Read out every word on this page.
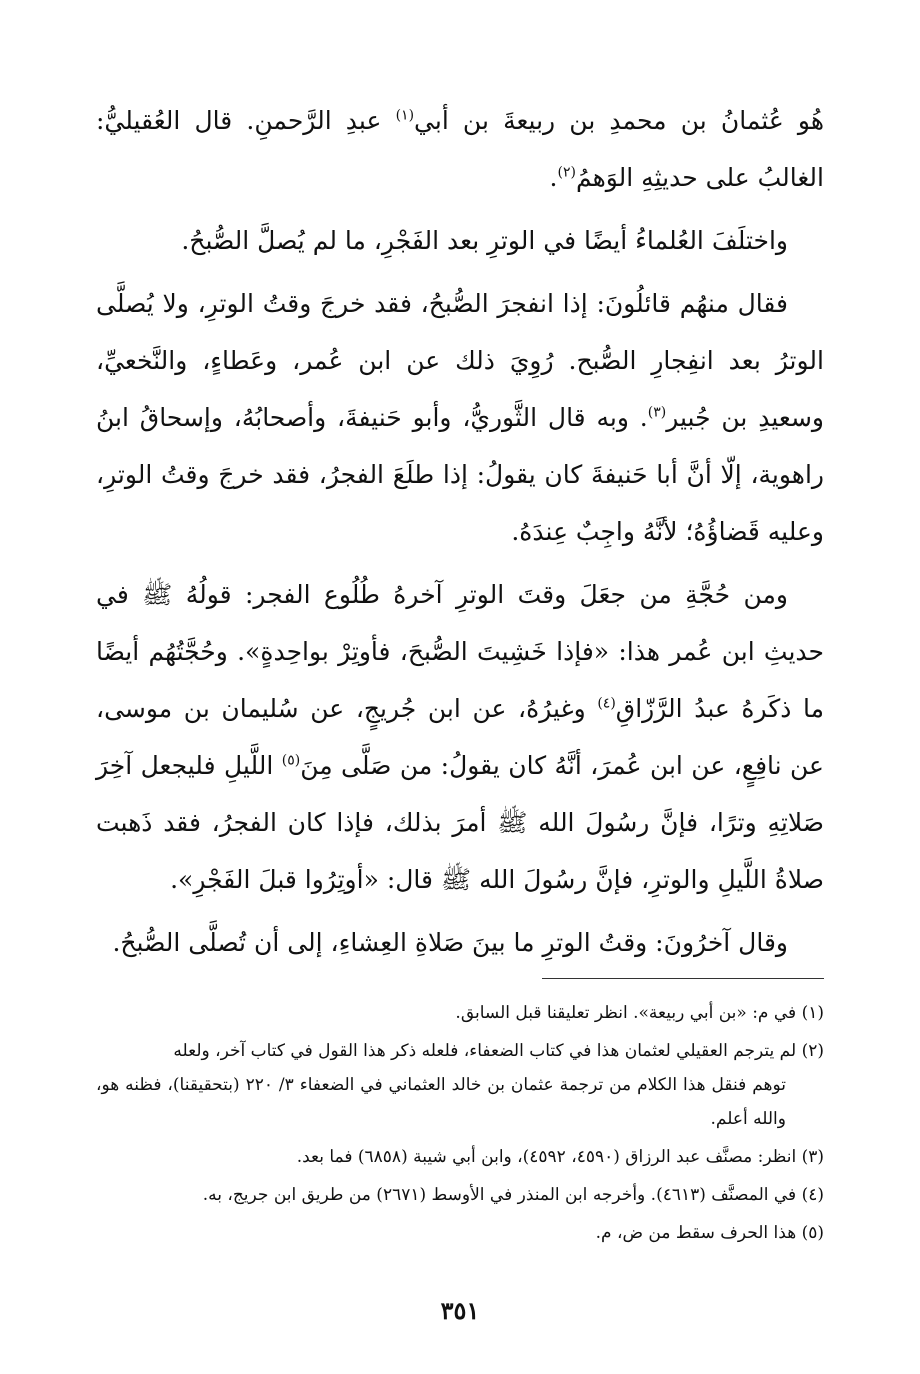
هُو عُثمانُ بن محمدِ بن ربيعةَ بن أبي$^{(١)}$ عبدِ الرَّحمنِ. قال العُقيليُّ: الغالبُ على حديثِهِ الوَهمُ$^{(٢)}$.

واختلَفَ العُلماءُ أيضًا في الوترِ بعد الفَجْرِ، ما لم يُصلَّ الصُّبحُ.

فقال منهُم قائلُونَ: إذا انفجرَ الصُّبحُ، فقد خرجَ وقتُ الوترِ، ولا يُصلَّى الوترُ بعد انفِجارِ الصُّبح. رُوِيَ ذلك عن ابن عُمر، وعَطاءٍ، والنَّخعيِّ، وسعيدِ بن جُبير$^{(٣)}$. وبه قال الثَّوريُّ، وأبو حَنيفةَ، وأصحابُهُ، وإسحاقُ ابنُ راهوية، إلّا أنَّ أبا حَنيفةَ كان يقولُ: إذا طلَعَ الفجرُ، فقد خرجَ وقتُ الوترِ، وعليه قَضاؤُهُ؛ لأنَّهُ واجِبٌ عِندَهُ.

ومن حُجَّةِ من جعَلَ وقتَ الوترِ آخرهُ طُلُوع الفجر: قولُهُ ﷺ في حديثِ ابن عُمر هذا: «فإذا خَشِيتَ الصُّبحَ، فأوتِرْ بواحِدةٍ». وحُجَّتُهُم أيضًا ما ذكَرهُ عبدُ الرَّزّاقِ$^{(٤)}$ وغيرُهُ، عن ابن جُريجٍ، عن سُليمان بن موسى، عن نافِعٍ، عن ابن عُمرَ، أنَّهُ كان يقولُ: من صَلَّى مِنَ$^{(٥)}$ اللَّيلِ فليجعل آخِرَ صَلاتِهِ وترًا، فإنَّ رسُولَ الله ﷺ أمرَ بذلك، فإذا كان الفجرُ، فقد ذَهبت صلاةُ اللَّيلِ والوترِ، فإنَّ رسُولَ الله ﷺ قال: «أوتِرُوا قبلَ الفَجْرِ».

وقال آخرُونَ: وقتُ الوترِ ما بينَ صَلاةِ العِشاءِ، إلى أن تُصلَّى الصُّبحُ.

(١) في م: «بن أبي ربيعة». انظر تعليقنا قبل السابق.

(٢) لم يترجم العقيلي لعثمان هذا في كتاب الضعفاء، فلعله ذكر هذا القول في كتاب آخر، ولعله
توهم فنقل هذا الكلام من ترجمة عثمان بن خالد العثماني في الضعفاء ٣/ ٢٢٠ (بتحقيقنا)، فظنه هو، والله أعلم.

(٣) انظر: مصنَّف عبد الرزاق (٤٥٩٠، ٤٥٩٢)، وابن أبي شيبة (٦٨٥٨) فما بعد.

(٤) في المصنَّف (٤٦١٣). وأخرجه ابن المنذر في الأوسط (٢٦٧١) من طريق ابن جريج، به.

(٥) هذا الحرف سقط من ض، م.

٣٥١
